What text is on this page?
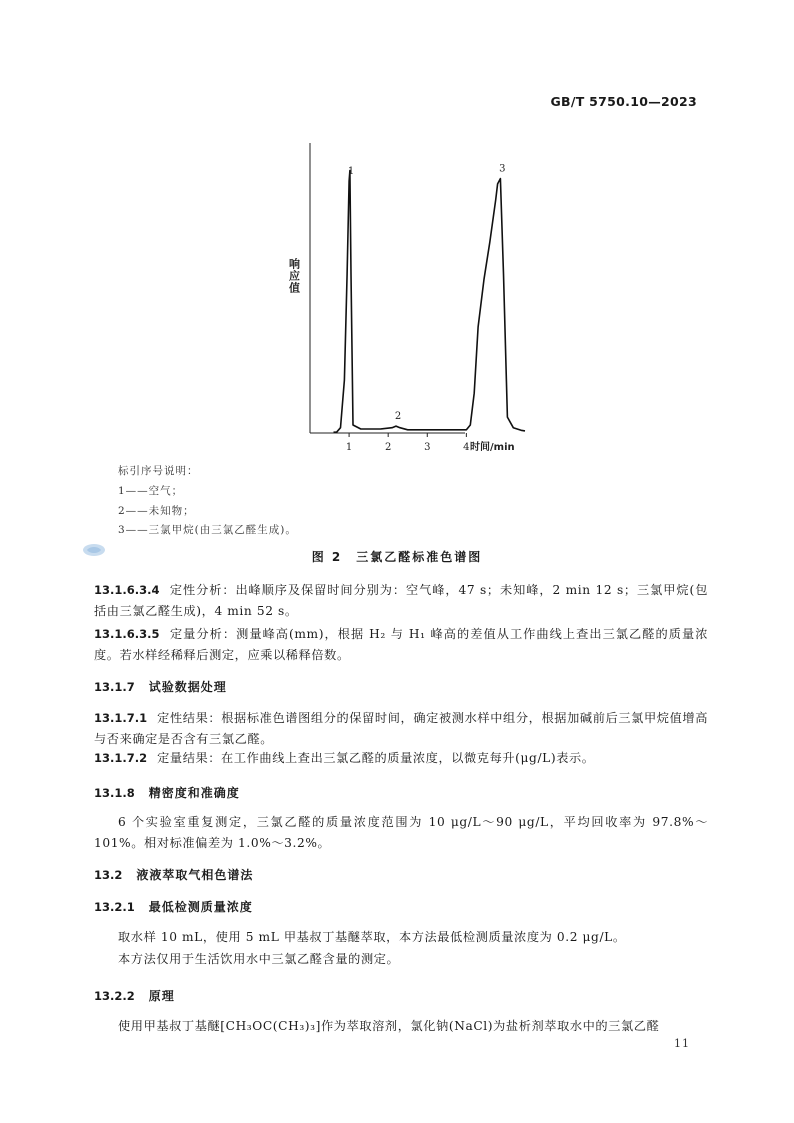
GB/T 5750.10—2023
1	2	3	4
1
2
3
响应值
时间/min
标引序号说明：
1——空气；
2——未知物；
3——三氯甲烷(由三氯乙醛生成)。
图 2　三氯乙醛标准色谱图
13.1.6.3.4 定性分析：出峰顺序及保留时间分别为：空气峰，47 s；未知峰，2 min 12 s；三氯甲烷(包括由三氯乙醛生成)，4 min 52 s。
13.1.6.3.5 定量分析：测量峰高(mm)，根据 H₂ 与 H₁ 峰高的差值从工作曲线上查出三氯乙醛的质量浓度。若水样经稀释后测定，应乘以稀释倍数。
13.1.7 试验数据处理
13.1.7.1 定性结果：根据标准色谱图组分的保留时间，确定被测水样中组分，根据加碱前后三氯甲烷值增高与否来确定是否含有三氯乙醛。
13.1.7.2 定量结果：在工作曲线上查出三氯乙醛的质量浓度，以微克每升(μg/L)表示。
13.1.8 精密度和准确度
6 个实验室重复测定，三氯乙醛的质量浓度范围为 10 μg/L～90 μg/L，平均回收率为 97.8%～101%。相对标准偏差为 1.0%～3.2%。
13.2 液液萃取气相色谱法
13.2.1 最低检测质量浓度
取水样 10 mL，使用 5 mL 甲基叔丁基醚萃取，本方法最低检测质量浓度为 0.2 μg/L。
本方法仅用于生活饮用水中三氯乙醛含量的测定。
13.2.2 原理
使用甲基叔丁基醚[CH₃OC(CH₃)₃]作为萃取溶剂，氯化钠(NaCl)为盐析剂萃取水中的三氯乙醛
11
